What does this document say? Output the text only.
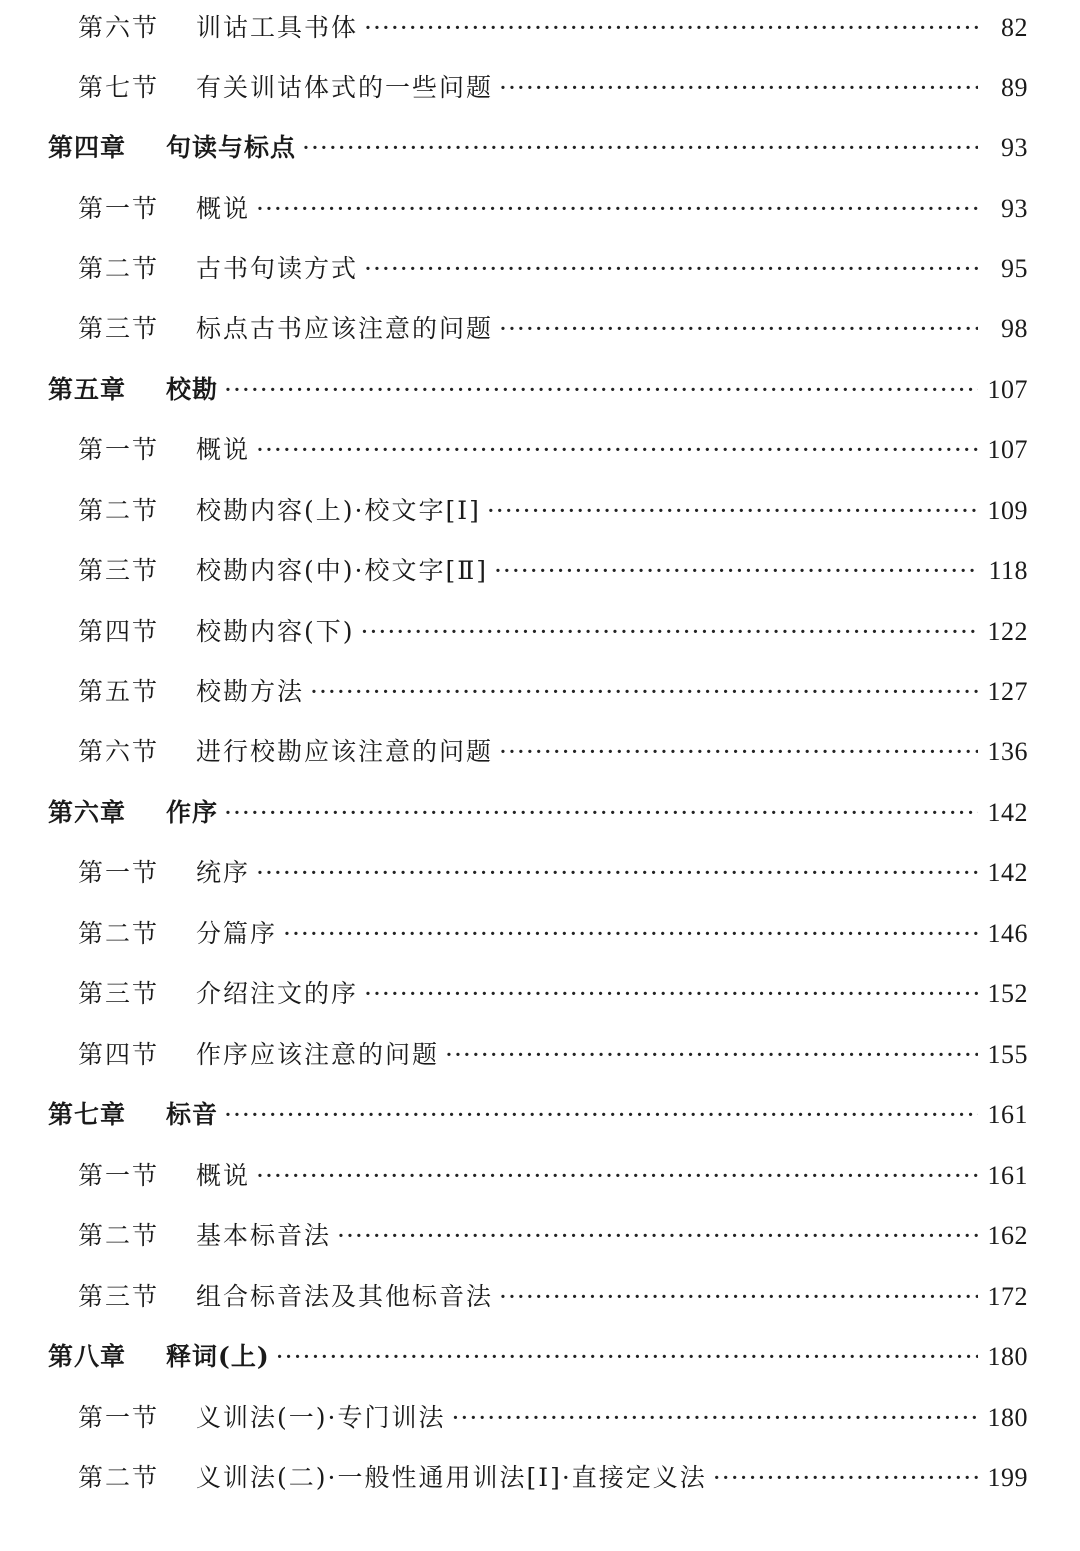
第六节	训诂工具书体 ·····	82
第七节	有关训诂体式的一些问题 ·····	89
第四章	句读与标点 ·····	93
第一节	概说 ·····	93
第二节	古书句读方式 ·····	95
第三节	标点古书应该注意的问题 ·····	98
第五章	校勘 ·····	107
第一节	概说 ·····	107
第二节	校勘内容(上)·校文字[Ⅰ] ·····	109
第三节	校勘内容(中)·校文字[Ⅱ] ·····	118
第四节	校勘内容(下) ·····	122
第五节	校勘方法 ·····	127
第六节	进行校勘应该注意的问题 ·····	136
第六章	作序 ·····	142
第一节	统序 ·····	142
第二节	分篇序 ·····	146
第三节	介绍注文的序 ·····	152
第四节	作序应该注意的问题 ·····	155
第七章	标音 ·····	161
第一节	概说 ·····	161
第二节	基本标音法 ·····	162
第三节	组合标音法及其他标音法 ·····	172
第八章	释词(上) ·····	180
第一节	义训法(一)·专门训法 ·····	180
第二节	义训法(二)·一般性通用训法[Ⅰ]·直接定义法 ·····	199
